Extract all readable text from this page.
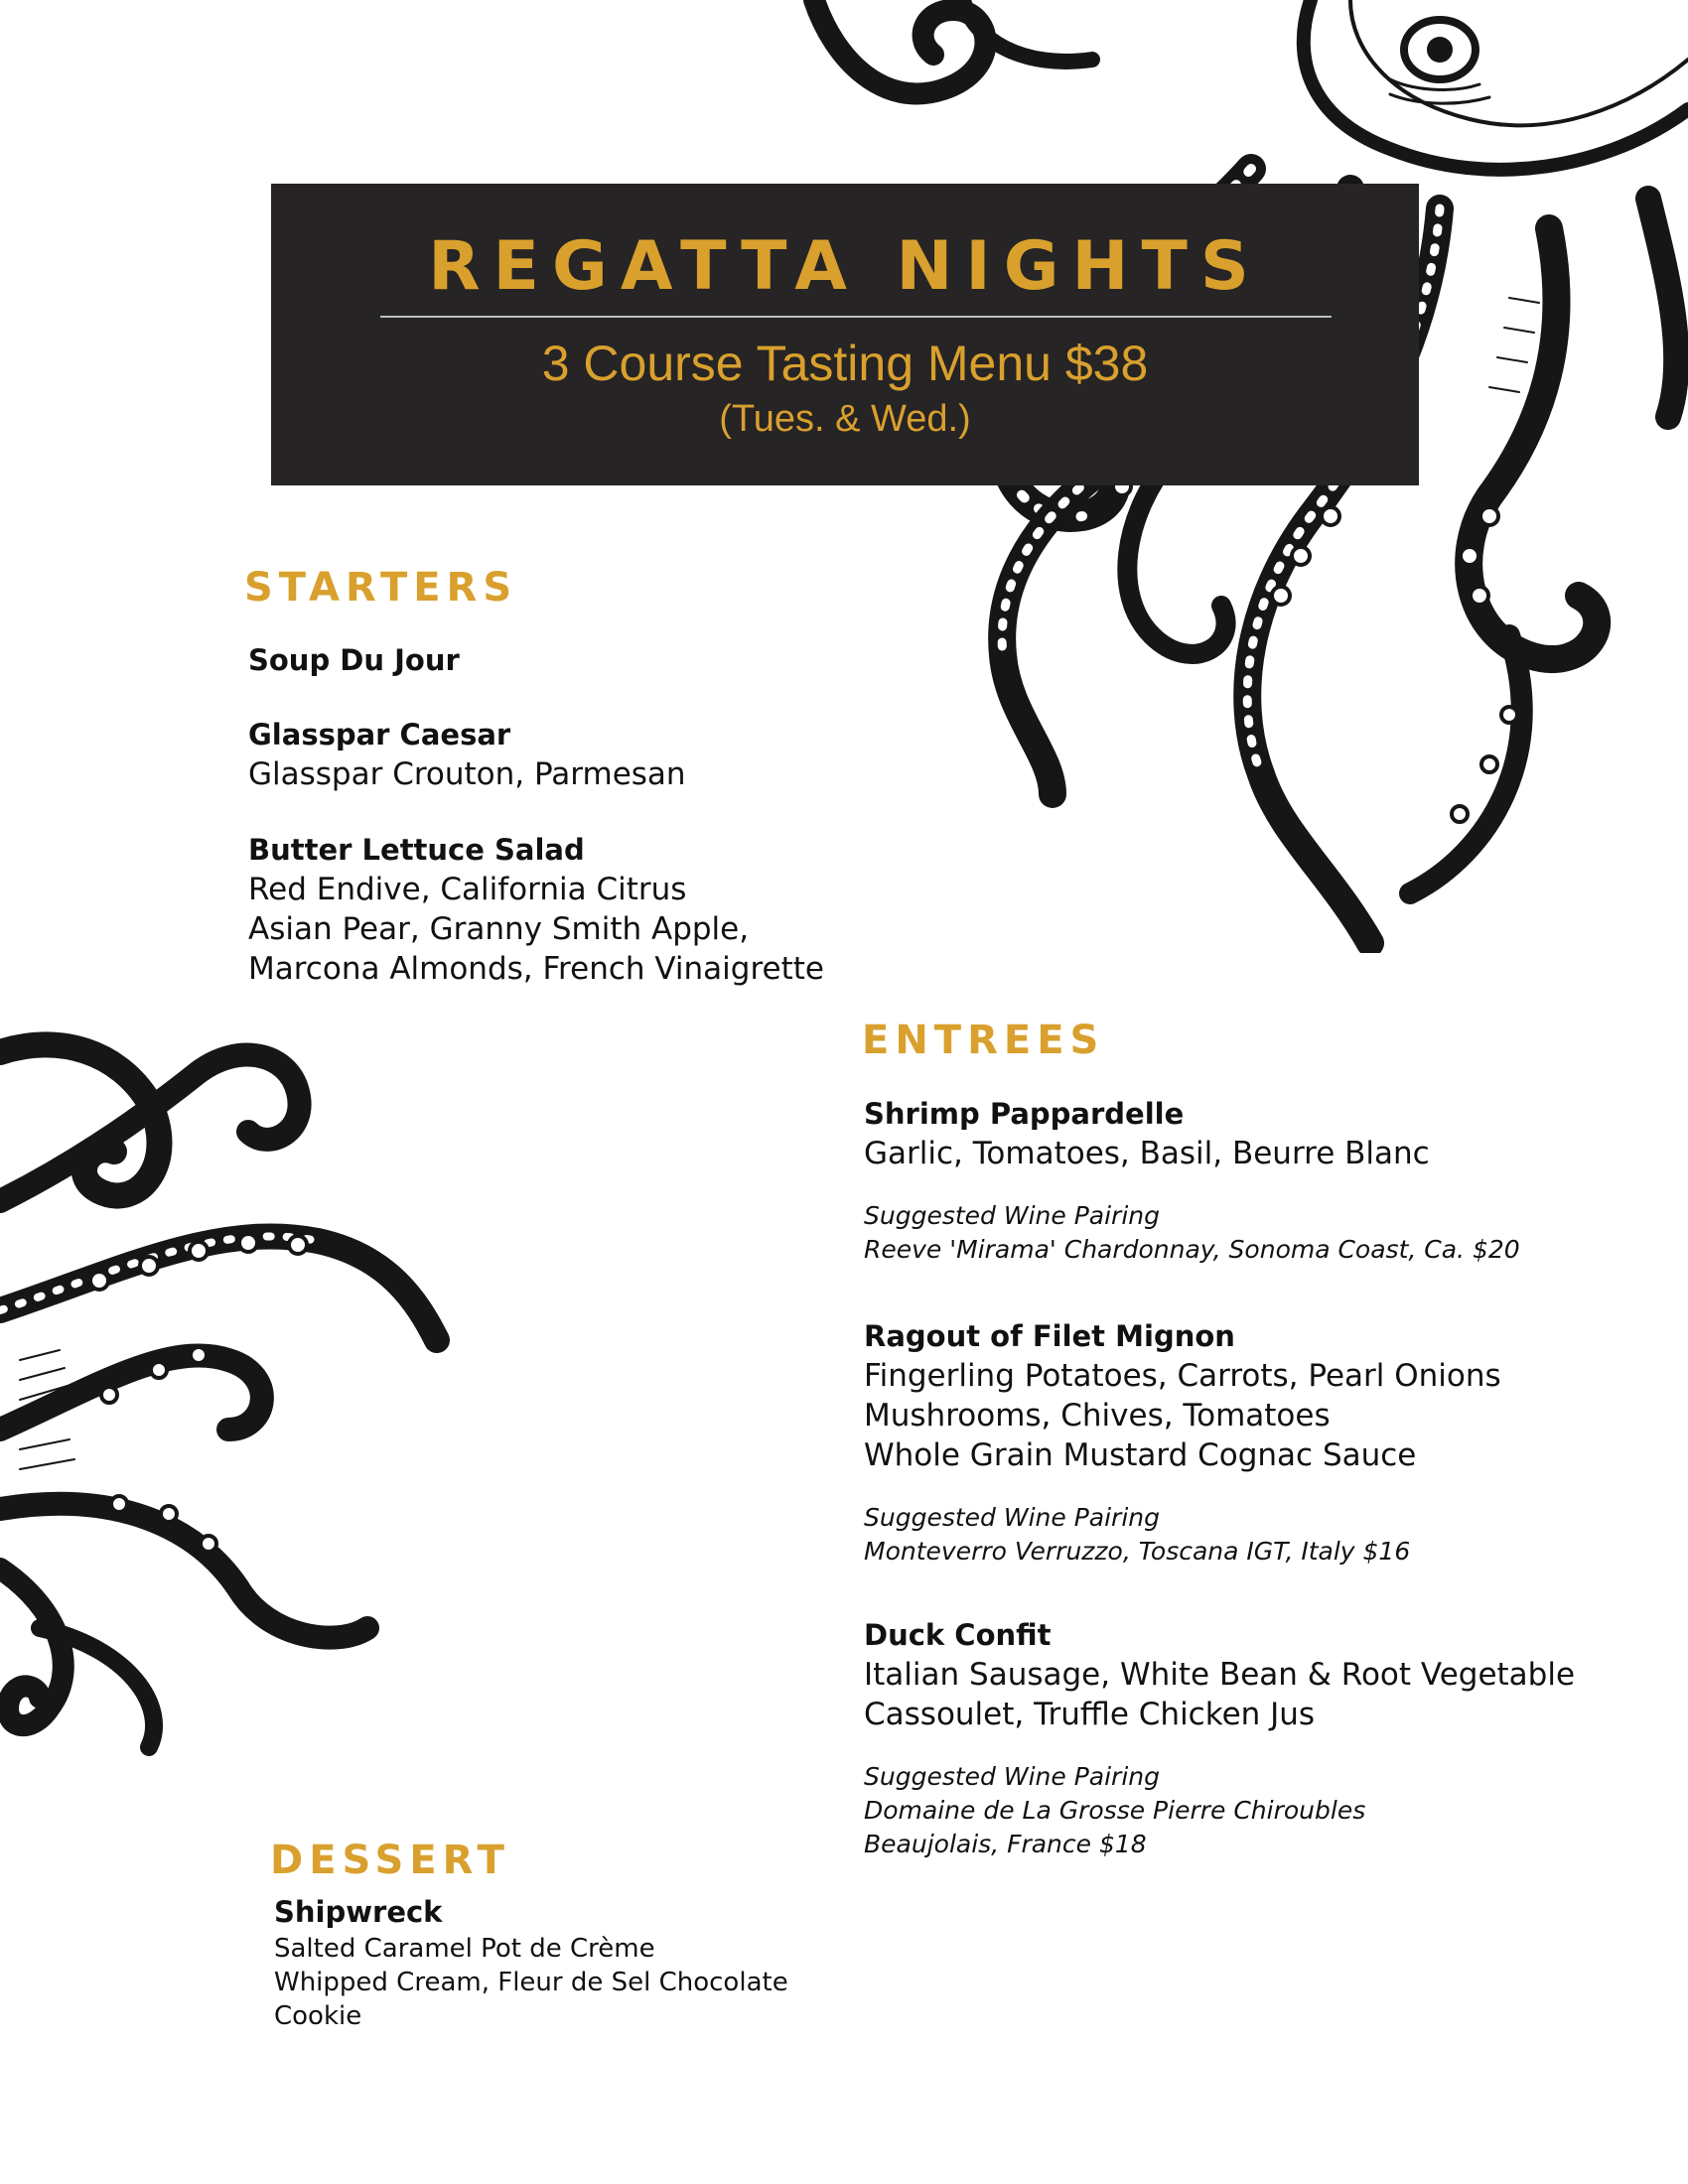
REGATTA NIGHTS
3 Course Tasting Menu $38
(Tues. & Wed.)
STARTERS
Soup Du Jour
Glasspar Caesar
Glasspar Crouton, Parmesan
Butter Lettuce Salad
Red Endive, California Citrus
Asian Pear, Granny Smith Apple,
Marcona Almonds, French Vinaigrette
ENTREES
Shrimp Pappardelle
Garlic, Tomatoes, Basil, Beurre Blanc
Suggested Wine Pairing
Reeve 'Mirama' Chardonnay, Sonoma Coast, Ca. $20
Ragout of Filet Mignon
Fingerling Potatoes, Carrots, Pearl Onions
Mushrooms, Chives, Tomatoes
Whole Grain Mustard Cognac Sauce
Suggested Wine Pairing
Monteverro Verruzzo, Toscana IGT, Italy $16
Duck Confit
Italian Sausage, White Bean & Root Vegetable
Cassoulet, Truffle Chicken Jus
Suggested Wine Pairing
Domaine de La Grosse Pierre Chiroubles
Beaujolais, France $18
DESSERT
Shipwreck
Salted Caramel Pot de Crème
Whipped Cream, Fleur de Sel Chocolate
Cookie
